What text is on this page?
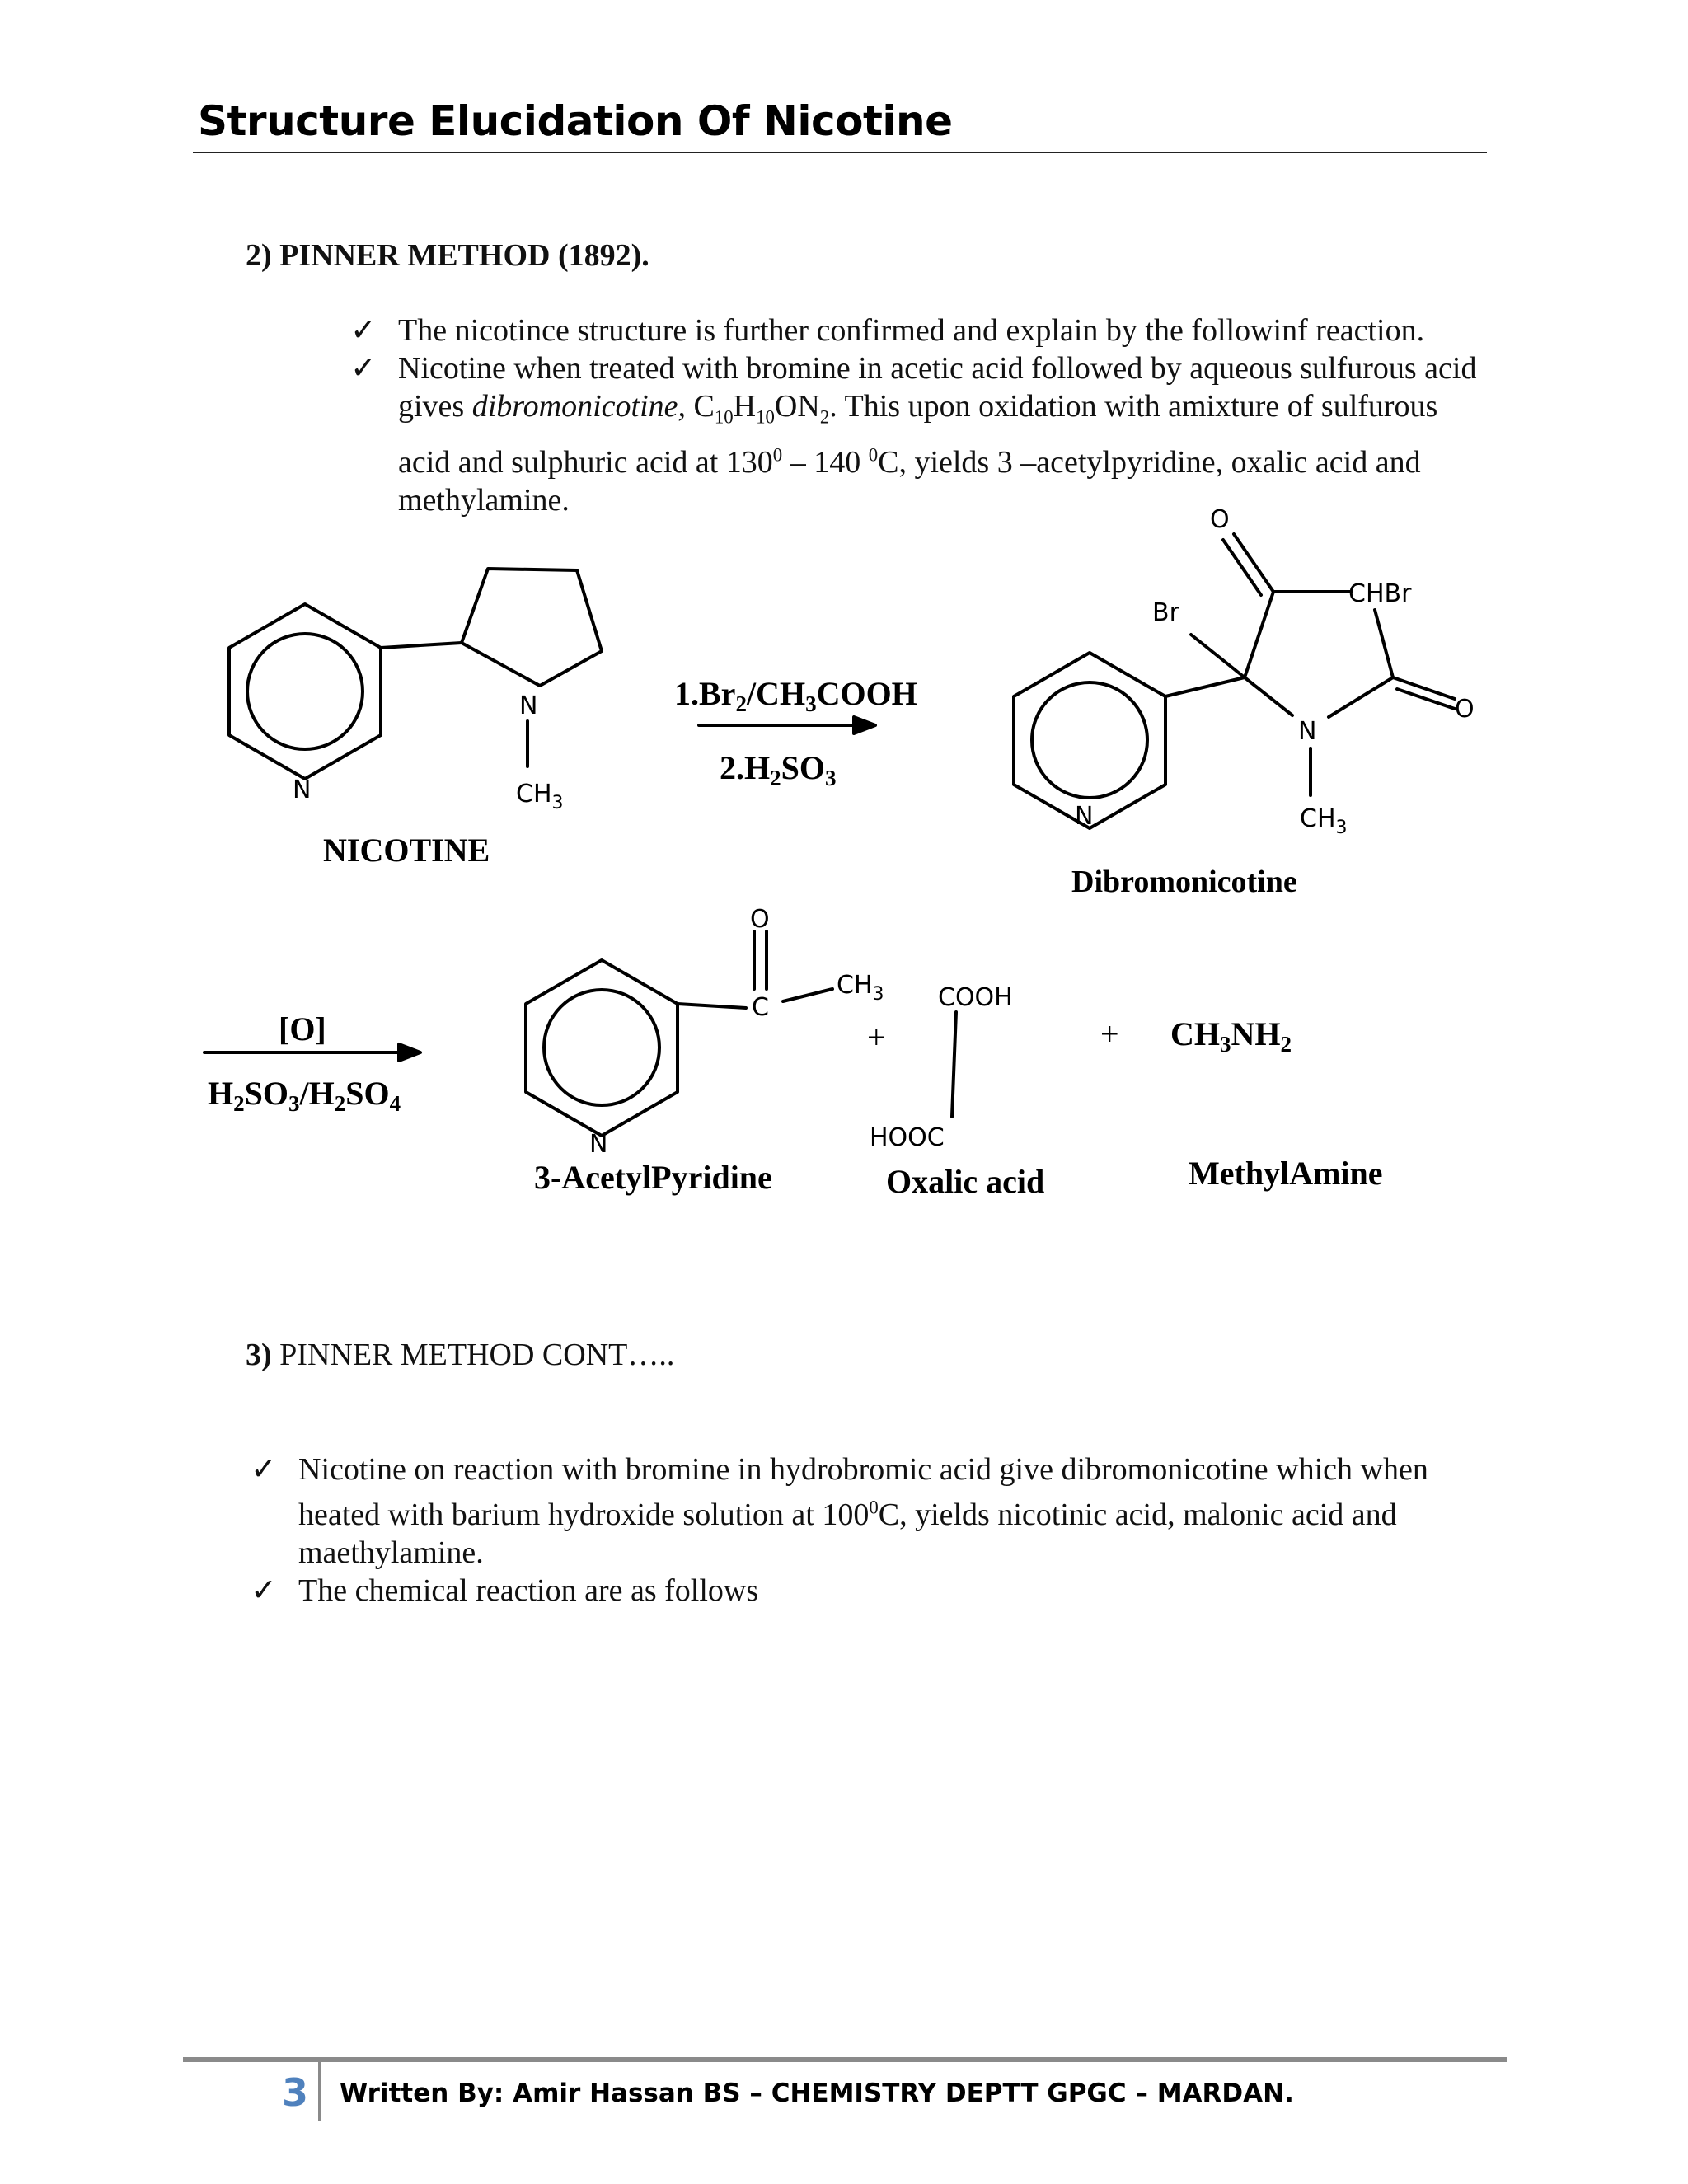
Structure Elucidation Of Nicotine
2) PINNER METHOD (1892).
✓ The nicotince structure is further confirmed and explain by the followinf reaction.
✓ Nicotine when treated with bromine in acetic acid followed by aqueous sulfurous acid gives dibromonicotine, $C_{10}H_{10}ON_2$. This upon oxidation with amixture of sulfurous acid and sulphuric acid at $130^0 - 140$ $^0$C, yields 3 –acetylpyridine, oxalic acid and methylamine.
N
N
$CH_3$	N
Br
O
CHBr
O
N
$CH_3$
N
O
C
$CH_3$ COOH
HOOC
NICOTINE
$1.Br_2/CH_3COOH$
$2.H_2SO_3$
Dibromonicotine
[O]
$H_2SO_3/H_2SO_4$
3-AcetylPyridine
+	+
Oxalic acid
$CH_3NH_2$
MethylAmine
3) PINNER METHOD CONT…..
✓ Nicotine on reaction with bromine in hydrobromic acid give dibromonicotine which when heated with barium hydroxide solution at $100^0C$, yields nicotinic acid, malonic acid and maethylamine.
✓ The chemical reaction are as follows
3 Written By: Amir Hassan BS – CHEMISTRY DEPTT GPGC – MARDAN.
